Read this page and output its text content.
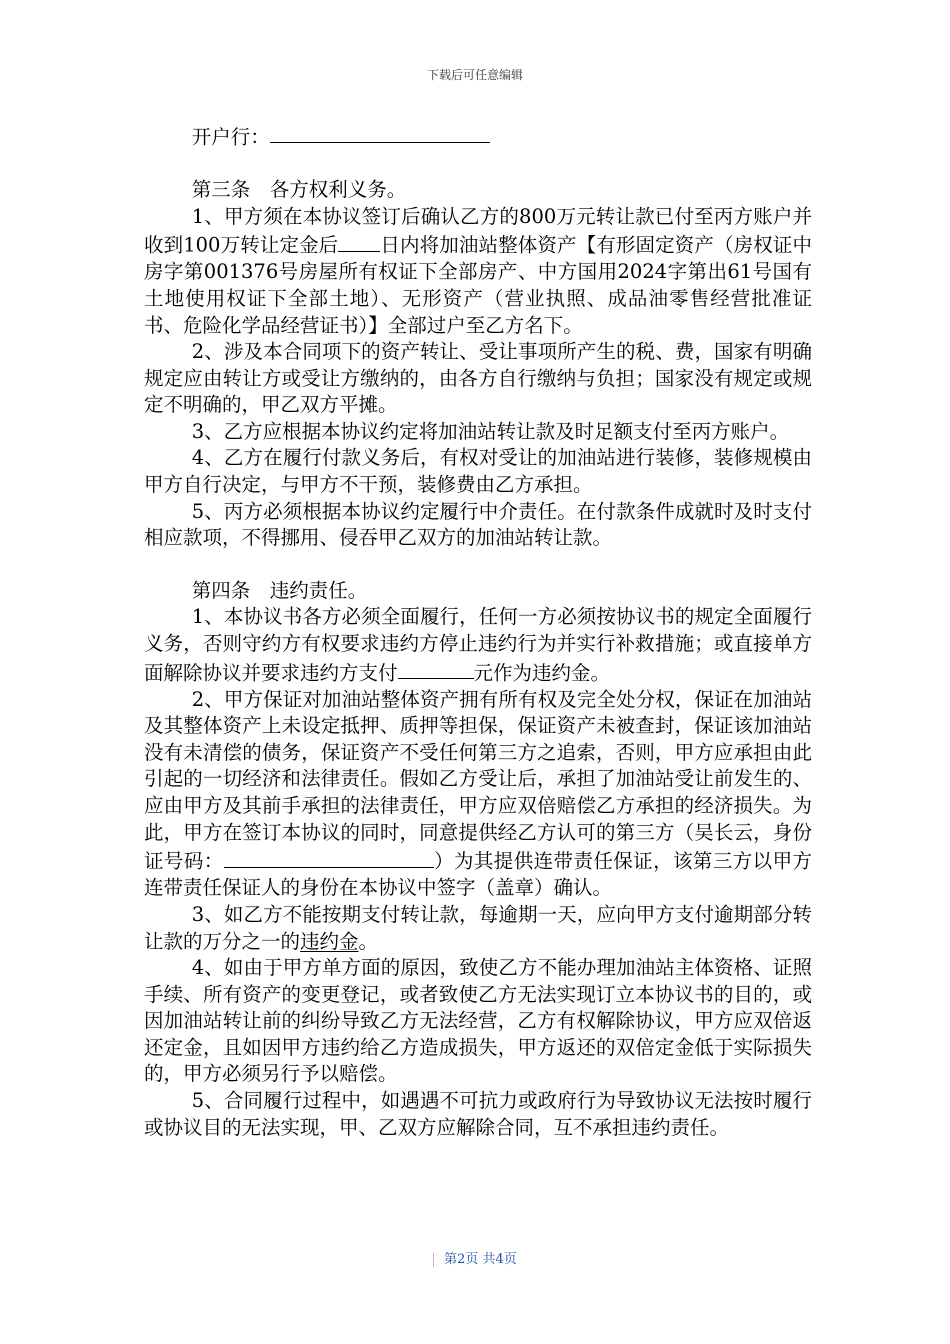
下载后可任意编辑

开户行：

第三条　各方权利义务。

1、甲方须在本协议签订后确认乙方的800万元转让款已付至丙方账户并收到100万转让定金后 日内将加油站整体资产【有形固定资产（房权证中房字第001376号房屋所有权证下全部房产、中方国用2024字第出61号国有土地使用权证下全部土地）、无形资产（营业执照、成品油零售经营批准证书、危险化学品经营证书）】全部过户至乙方名下。

2、涉及本合同项下的资产转让、受让事项所产生的税、费，国家有明确规定应由转让方或受让方缴纳的，由各方自行缴纳与负担；国家没有规定或规定不明确的，甲乙双方平摊。

3、乙方应根据本协议约定将加油站转让款及时足额支付至丙方账户。

4、乙方在履行付款义务后，有权对受让的加油站进行装修，装修规模由甲方自行决定，与甲方不干预，装修费由乙方承担。

5、丙方必须根据本协议约定履行中介责任。在付款条件成就时及时支付相应款项，不得挪用、侵吞甲乙双方的加油站转让款。

第四条　违约责任。

1、本协议书各方必须全面履行，任何一方必须按协议书的规定全面履行义务，否则守约方有权要求违约方停止违约行为并实行补救措施；或直接单方面解除协议并要求违约方支付	元作为违约金。

2、甲方保证对加油站整体资产拥有所有权及完全处分权，保证在加油站及其整体资产上未设定抵押、质押等担保，保证资产未被查封，保证该加油站没有未清偿的债务，保证资产不受任何第三方之追索，否则，甲方应承担由此引起的一切经济和法律责任。假如乙方受让后，承担了加油站受让前发生的、应由甲方及其前手承担的法律责任，甲方应双倍赔偿乙方承担的经济损失。为此，甲方在签订本协议的同时，同意提供经乙方认可的第三方（吴长云，身份证号码：	）为其提供连带责任保证，该第三方以甲方连带责任保证人的身份在本协议中签字（盖章）确认。

3、如乙方不能按期支付转让款，每逾期一天，应向甲方支付逾期部分转让款的万分之一的违约金。

4、如由于甲方单方面的原因，致使乙方不能办理加油站主体资格、证照手续、所有资产的变更登记，或者致使乙方无法实现订立本协议书的目的，或因加油站转让前的纠纷导致乙方无法经营，乙方有权解除协议，甲方应双倍返还定金，且如因甲方违约给乙方造成损失，甲方返还的双倍定金低于实际损失的，甲方必须另行予以赔偿。

5、合同履行过程中，如遇遇不可抗力或政府行为导致协议无法按时履行或协议目的无法实现，甲、乙双方应解除合同，互不承担违约责任。

第2页 共4页
